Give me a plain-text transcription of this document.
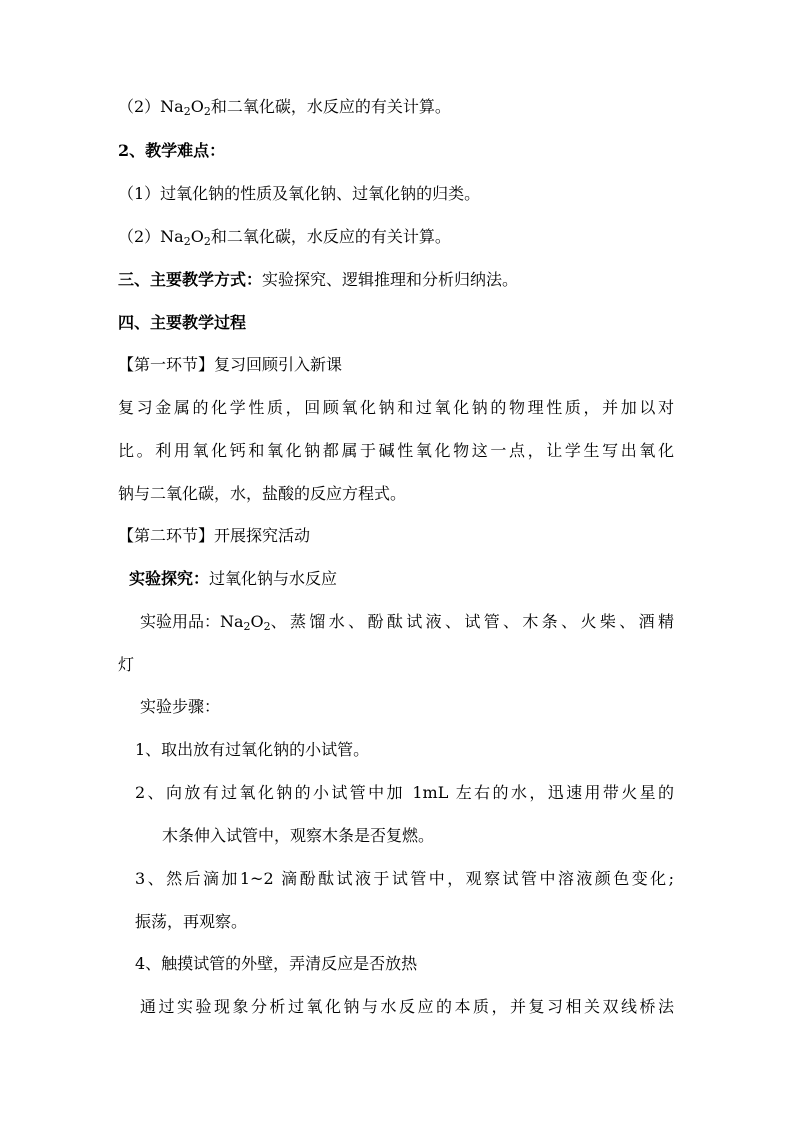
$(2)Na_2O_2$和二氧化碳，水反应的有关计算。
2、教学难点：
（1）过氧化钠的性质及氧化钠、过氧化钠的归类。
$(2)Na_2O_2$和二氧化碳，水反应的有关计算。
三、主要教学方式：实验探究、逻辑推理和分析归纳法。
四、主要教学过程
【第一环节】复习回顾引入新课
复习金属的化学性质，回顾氧化钠和过氧化钠的物理性质，并加以对
比。利用氧化钙和氧化钠都属于碱性氧化物这一点，让学生写出氧化
钠与二氧化碳，水，盐酸的反应方程式。
【第二环节】开展探究活动
实验探究：过氧化钠与水反应
实验用品：$Na_2O_2$ 、蒸馏水、酚酞试液、试管、木条、火柴、酒精
灯
实验步骤：
1、取出放有过氧化钠的小试管。
2、向放有过氧化钠的小试管中加 1mL 左右的水，迅速用带火星的
木条伸入试管中，观察木条是否复燃。
3、然后滴加1~2 滴酚酞试液于试管中，观察试管中溶液颜色变化;
振荡，再观察。
4、触摸试管的外壁，弄清反应是否放热
通过实验现象分析过氧化钠与水反应的本质，并复习相关双线桥法
